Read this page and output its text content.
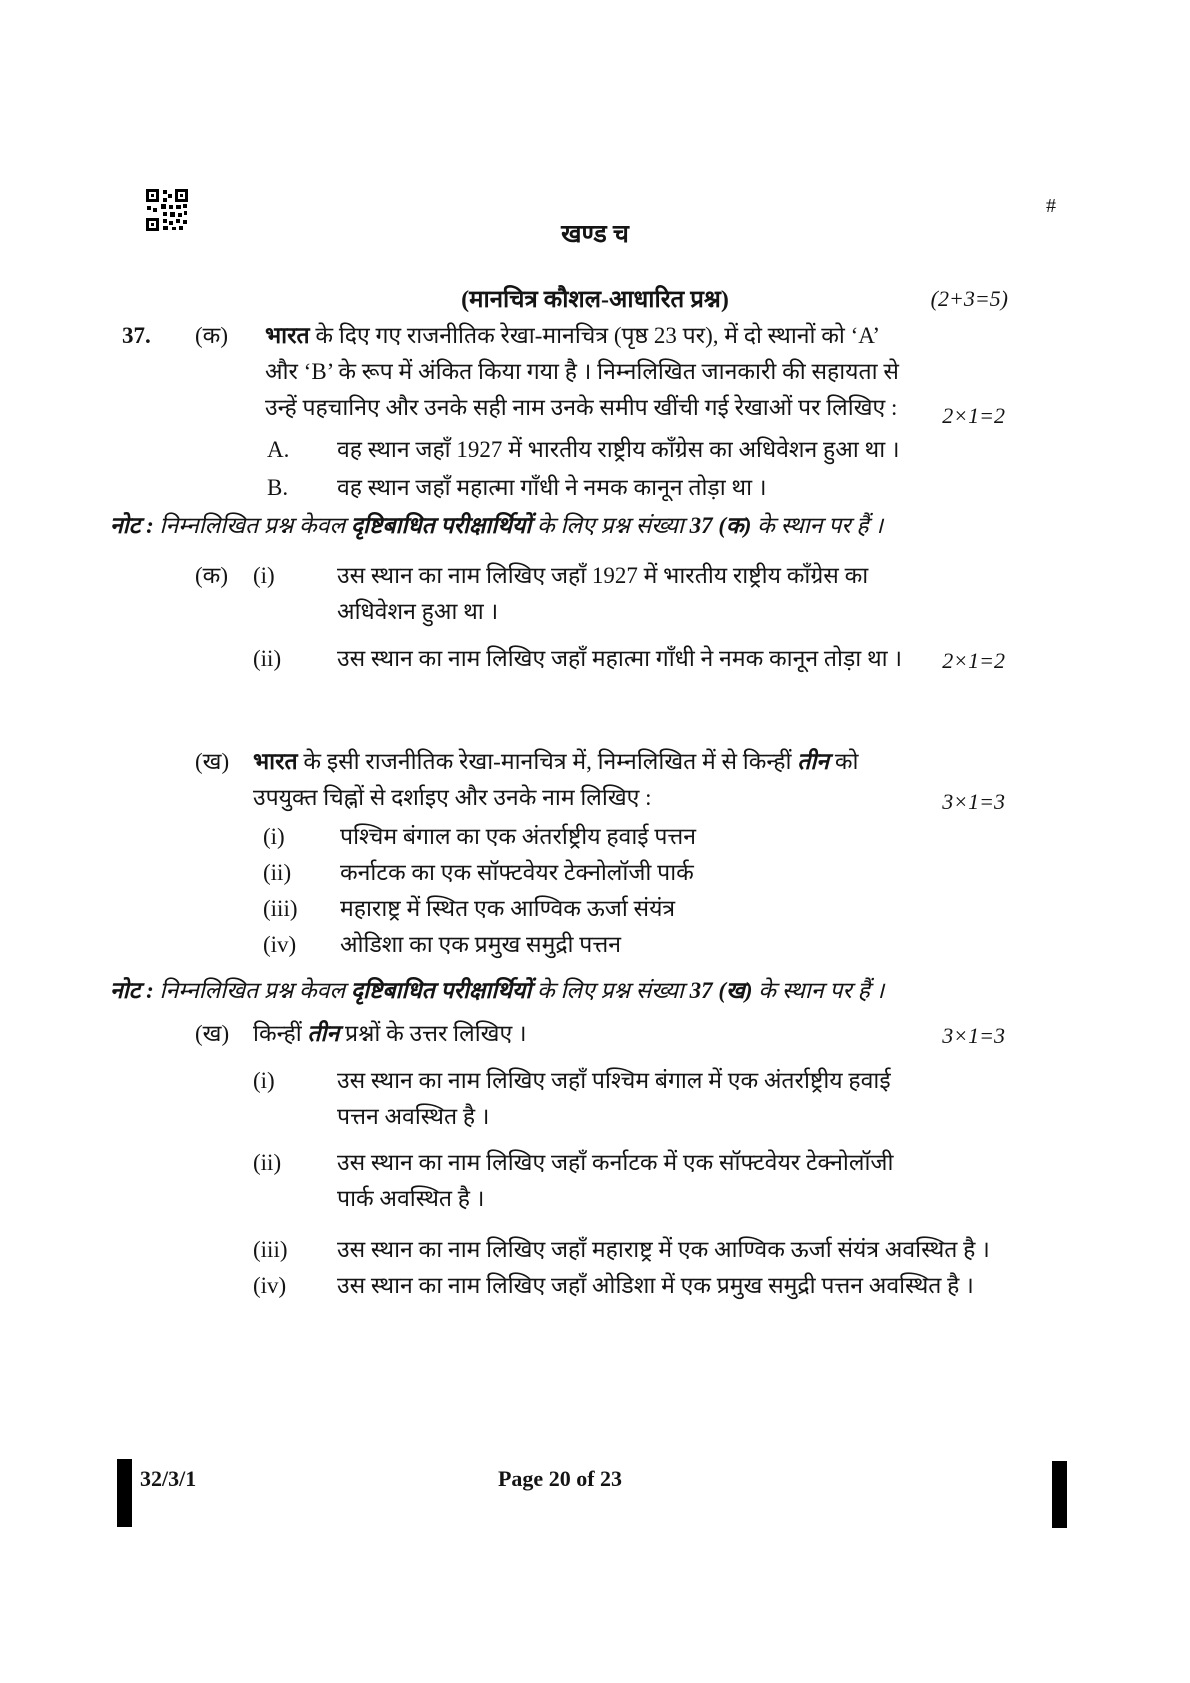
#
खण्ड च
(मानचित्र कौशल-आधारित प्रश्न)	(2+3=5)
37. (क) भारत के दिए गए राजनीतिक रेखा-मानचित्र (पृष्ठ 23 पर), में दो स्थानों को ‘A’ और ‘B’ के रूप में अंकित किया गया है । निम्नलिखित जानकारी की सहायता से उन्हें पहचानिए और उनके सही नाम उनके समीप खींची गई रेखाओं पर लिखिए :	2×1=2
A.	वह स्थान जहाँ 1927 में भारतीय राष्ट्रीय काँग्रेस का अधिवेशन हुआ था ।
B.	वह स्थान जहाँ महात्मा गाँधी ने नमक कानून तोड़ा था ।
नोट : निम्नलिखित प्रश्न केवल दृष्टिबाधित परीक्षार्थियों के लिए प्रश्न संख्या 37 (क) के स्थान पर हैं ।
(क) (i)	उस स्थान का नाम लिखिए जहाँ 1927 में भारतीय राष्ट्रीय काँग्रेस का अधिवेशन हुआ था ।
(ii) उस स्थान का नाम लिखिए जहाँ महात्मा गाँधी ने नमक कानून तोड़ा था । 2×1=2
(ख) भारत के इसी राजनीतिक रेखा-मानचित्र में, निम्नलिखित में से किन्हीं तीन को उपयुक्त चिह्नों से दर्शाइए और उनके नाम लिखिए :	3×1=3
(i)	पश्चिम बंगाल का एक अंतर्राष्ट्रीय हवाई पत्तन
(ii)	कर्नाटक का एक सॉफ्टवेयर टेक्नोलॉजी पार्क
(iii)	महाराष्ट्र में स्थित एक आण्विक ऊर्जा संयंत्र
(iv)	ओडिशा का एक प्रमुख समुद्री पत्तन
नोट : निम्नलिखित प्रश्न केवल दृष्टिबाधित परीक्षार्थियों के लिए प्रश्न संख्या 37 (ख) के स्थान पर हैं ।
(ख) किन्हीं तीन प्रश्नों के उत्तर लिखिए ।	3×1=3
(i)	उस स्थान का नाम लिखिए जहाँ पश्चिम बंगाल में एक अंतर्राष्ट्रीय हवाई पत्तन अवस्थित है ।
(ii)	उस स्थान का नाम लिखिए जहाँ कर्नाटक में एक सॉफ्टवेयर टेक्नोलॉजी पार्क अवस्थित है ।
(iii)	उस स्थान का नाम लिखिए जहाँ महाराष्ट्र में एक आण्विक ऊर्जा संयंत्र अवस्थित है ।
(iv)	उस स्थान का नाम लिखिए जहाँ ओडिशा में एक प्रमुख समुद्री पत्तन अवस्थित है ।
32/3/1	Page 20 of 23
